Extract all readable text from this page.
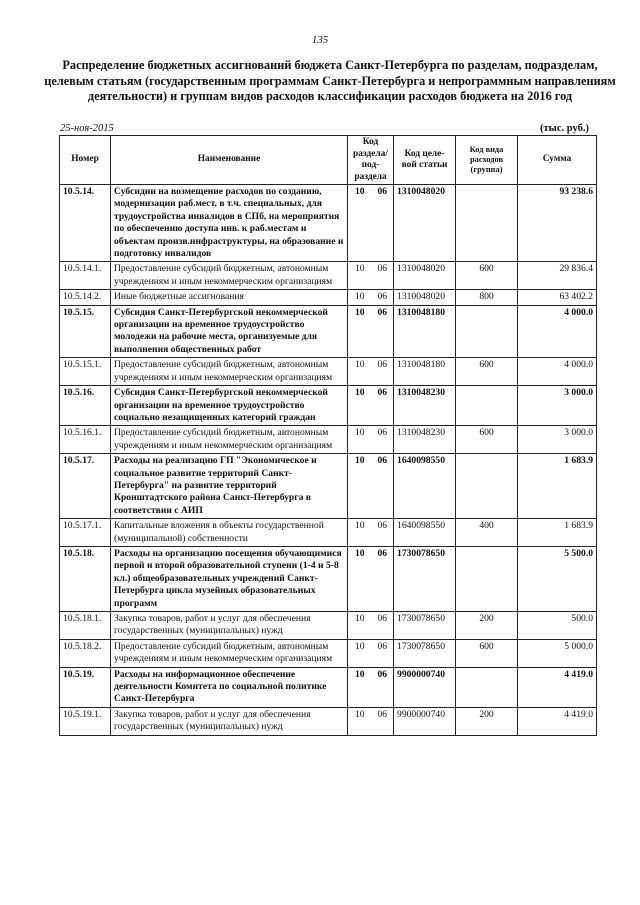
135
Распределение бюджетных ассигнований бюджета Санкт-Петербурга по разделам, подразделам, целевым статьям (государственным программам Санкт-Петербурга и непрограммным направлениям деятельности) и группам видов расходов классификации расходов бюджета на 2016 год
25-ноя-2015	(тыс. руб.)
Номер	Наименование	Код раздела/ под- раздела		Код целе- вой статьи	Код вида расходов (группа)	Сумма
10.5.14.	Субсидии на возмещение расходов по созданию, модернизации раб.мест, в т.ч. специальных, для трудоустройства инвалидов в СПб, на мероприятия по обеспечению доступа инв. к раб.местам и объектам произв.инфраструктуры, на образование и подготовку инвалидов	10	06	1310048020		93 238.6
10.5.14.1.	Предоставление субсидий бюджетным, автономным учреждениям и иным некоммерческим организациям	10	06	1310048020	600	29 836.4
10.5.14.2.	Иные бюджетные ассигнования	10	06	1310048020	800	63 402.2
10.5.15.	Субсидия Санкт-Петербургской некоммерческой организации на временное трудоустройство молодежи на рабочие места, организуемые для выполнения общественных работ	10	06	1310048180		4 000.0
10.5.15.1.	Предоставление субсидий бюджетным, автономным учреждениям и иным некоммерческим организациям	10	06	1310048180	600	4 000.0
10.5.16.	Субсидия Санкт-Петербургской некоммерческой организации на временное трудоустройство социально незащищенных категорий граждан	10	06	1310048230		3 000.0
10.5.16.1.	Предоставление субсидий бюджетным, автономным учреждениям и иным некоммерческим организациям	10	06	1310048230	600	3 000.0
10.5.17.	Расходы на реализацию ГП "Экономическое и социальное развитие территорий Санкт-Петербурга" на развитие территорий Кронштадтского района Санкт-Петербурга в соответствии с АИП	10	06	1640098550		1 683.9
10.5.17.1.	Капитальные вложения в объекты государственной (муниципальной) собственности	10	06	1640098550	400	1 683.9
10.5.18.	Расходы на организацию посещения обучающимися первой и второй образовательной ступени (1-4 и 5-8 кл.) общеобразовательных учреждений Санкт-Петербурга цикла музейных образовательных программ	10	06	1730078650		5 500.0
10.5.18.1.	Закупка товаров, работ и услуг для обеспечения государственных (муниципальных) нужд	10	06	1730078650	200	500.0
10.5.18.2.	Предоставление субсидий бюджетным, автономным учреждениям и иным некоммерческим организациям	10	06	1730078650	600	5 000.0
10.5.19.	Расходы на информационное обеспечение деятельности Комитета по социальной политике Санкт-Петербурга	10	06	9900000740		4 419.0
10.5.19.1.	Закупка товаров, работ и услуг для обеспечения государственных (муниципальных) нужд	10	06	9900000740	200	4 419.0
